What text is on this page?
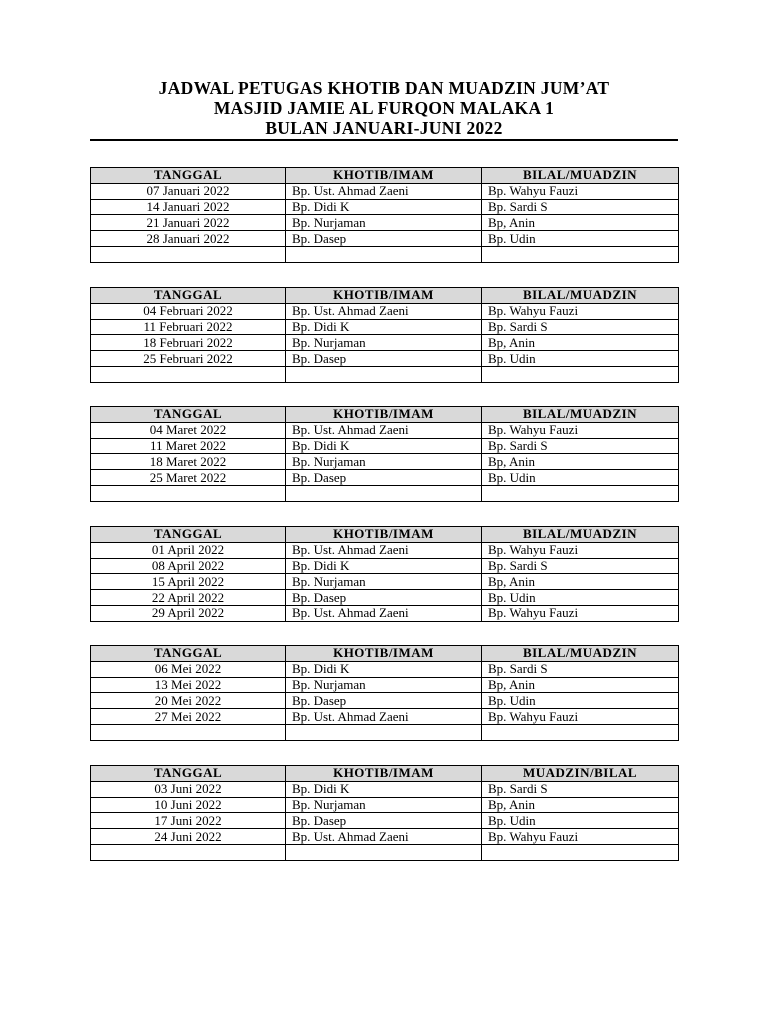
JADWAL PETUGAS KHOTIB DAN MUADZIN JUM’AT
MASJID JAMIE AL FURQON MALAKA 1
BULAN JANUARI-JUNI 2022
TANGGAL	KHOTIB/IMAM	BILAL/MUADZIN
07 Januari 2022	Bp. Ust. Ahmad Zaeni	Bp. Wahyu Fauzi
14 Januari 2022	Bp. Didi K	Bp. Sardi S
21 Januari 2022	Bp. Nurjaman	Bp, Anin
28 Januari 2022	Bp. Dasep	Bp. Udin

TANGGAL	KHOTIB/IMAM	BILAL/MUADZIN
04 Februari 2022	Bp. Ust. Ahmad Zaeni	Bp. Wahyu Fauzi
11 Februari 2022	Bp. Didi K	Bp. Sardi S
18 Februari 2022	Bp. Nurjaman	Bp, Anin
25 Februari 2022	Bp. Dasep	Bp. Udin

TANGGAL	KHOTIB/IMAM	BILAL/MUADZIN
04 Maret 2022	Bp. Ust. Ahmad Zaeni	Bp. Wahyu Fauzi
11 Maret 2022	Bp. Didi K	Bp. Sardi S
18 Maret 2022	Bp. Nurjaman	Bp, Anin
25 Maret 2022	Bp. Dasep	Bp. Udin

TANGGAL	KHOTIB/IMAM	BILAL/MUADZIN
01 April 2022	Bp. Ust. Ahmad Zaeni	Bp. Wahyu Fauzi
08 April 2022	Bp. Didi K	Bp. Sardi S
15 April 2022	Bp. Nurjaman	Bp, Anin
22 April 2022	Bp. Dasep	Bp. Udin
29 April 2022	Bp. Ust. Ahmad Zaeni	Bp. Wahyu Fauzi
TANGGAL	KHOTIB/IMAM	BILAL/MUADZIN
06 Mei 2022	Bp. Didi K	Bp. Sardi S
13 Mei 2022	Bp. Nurjaman	Bp, Anin
20 Mei 2022	Bp. Dasep	Bp. Udin
27 Mei 2022	Bp. Ust. Ahmad Zaeni	Bp. Wahyu Fauzi

TANGGAL	KHOTIB/IMAM	MUADZIN/BILAL
03 Juni 2022	Bp. Didi K	Bp. Sardi S
10 Juni 2022	Bp. Nurjaman	Bp, Anin
17 Juni 2022	Bp. Dasep	Bp. Udin
24 Juni 2022	Bp. Ust. Ahmad Zaeni	Bp. Wahyu Fauzi
